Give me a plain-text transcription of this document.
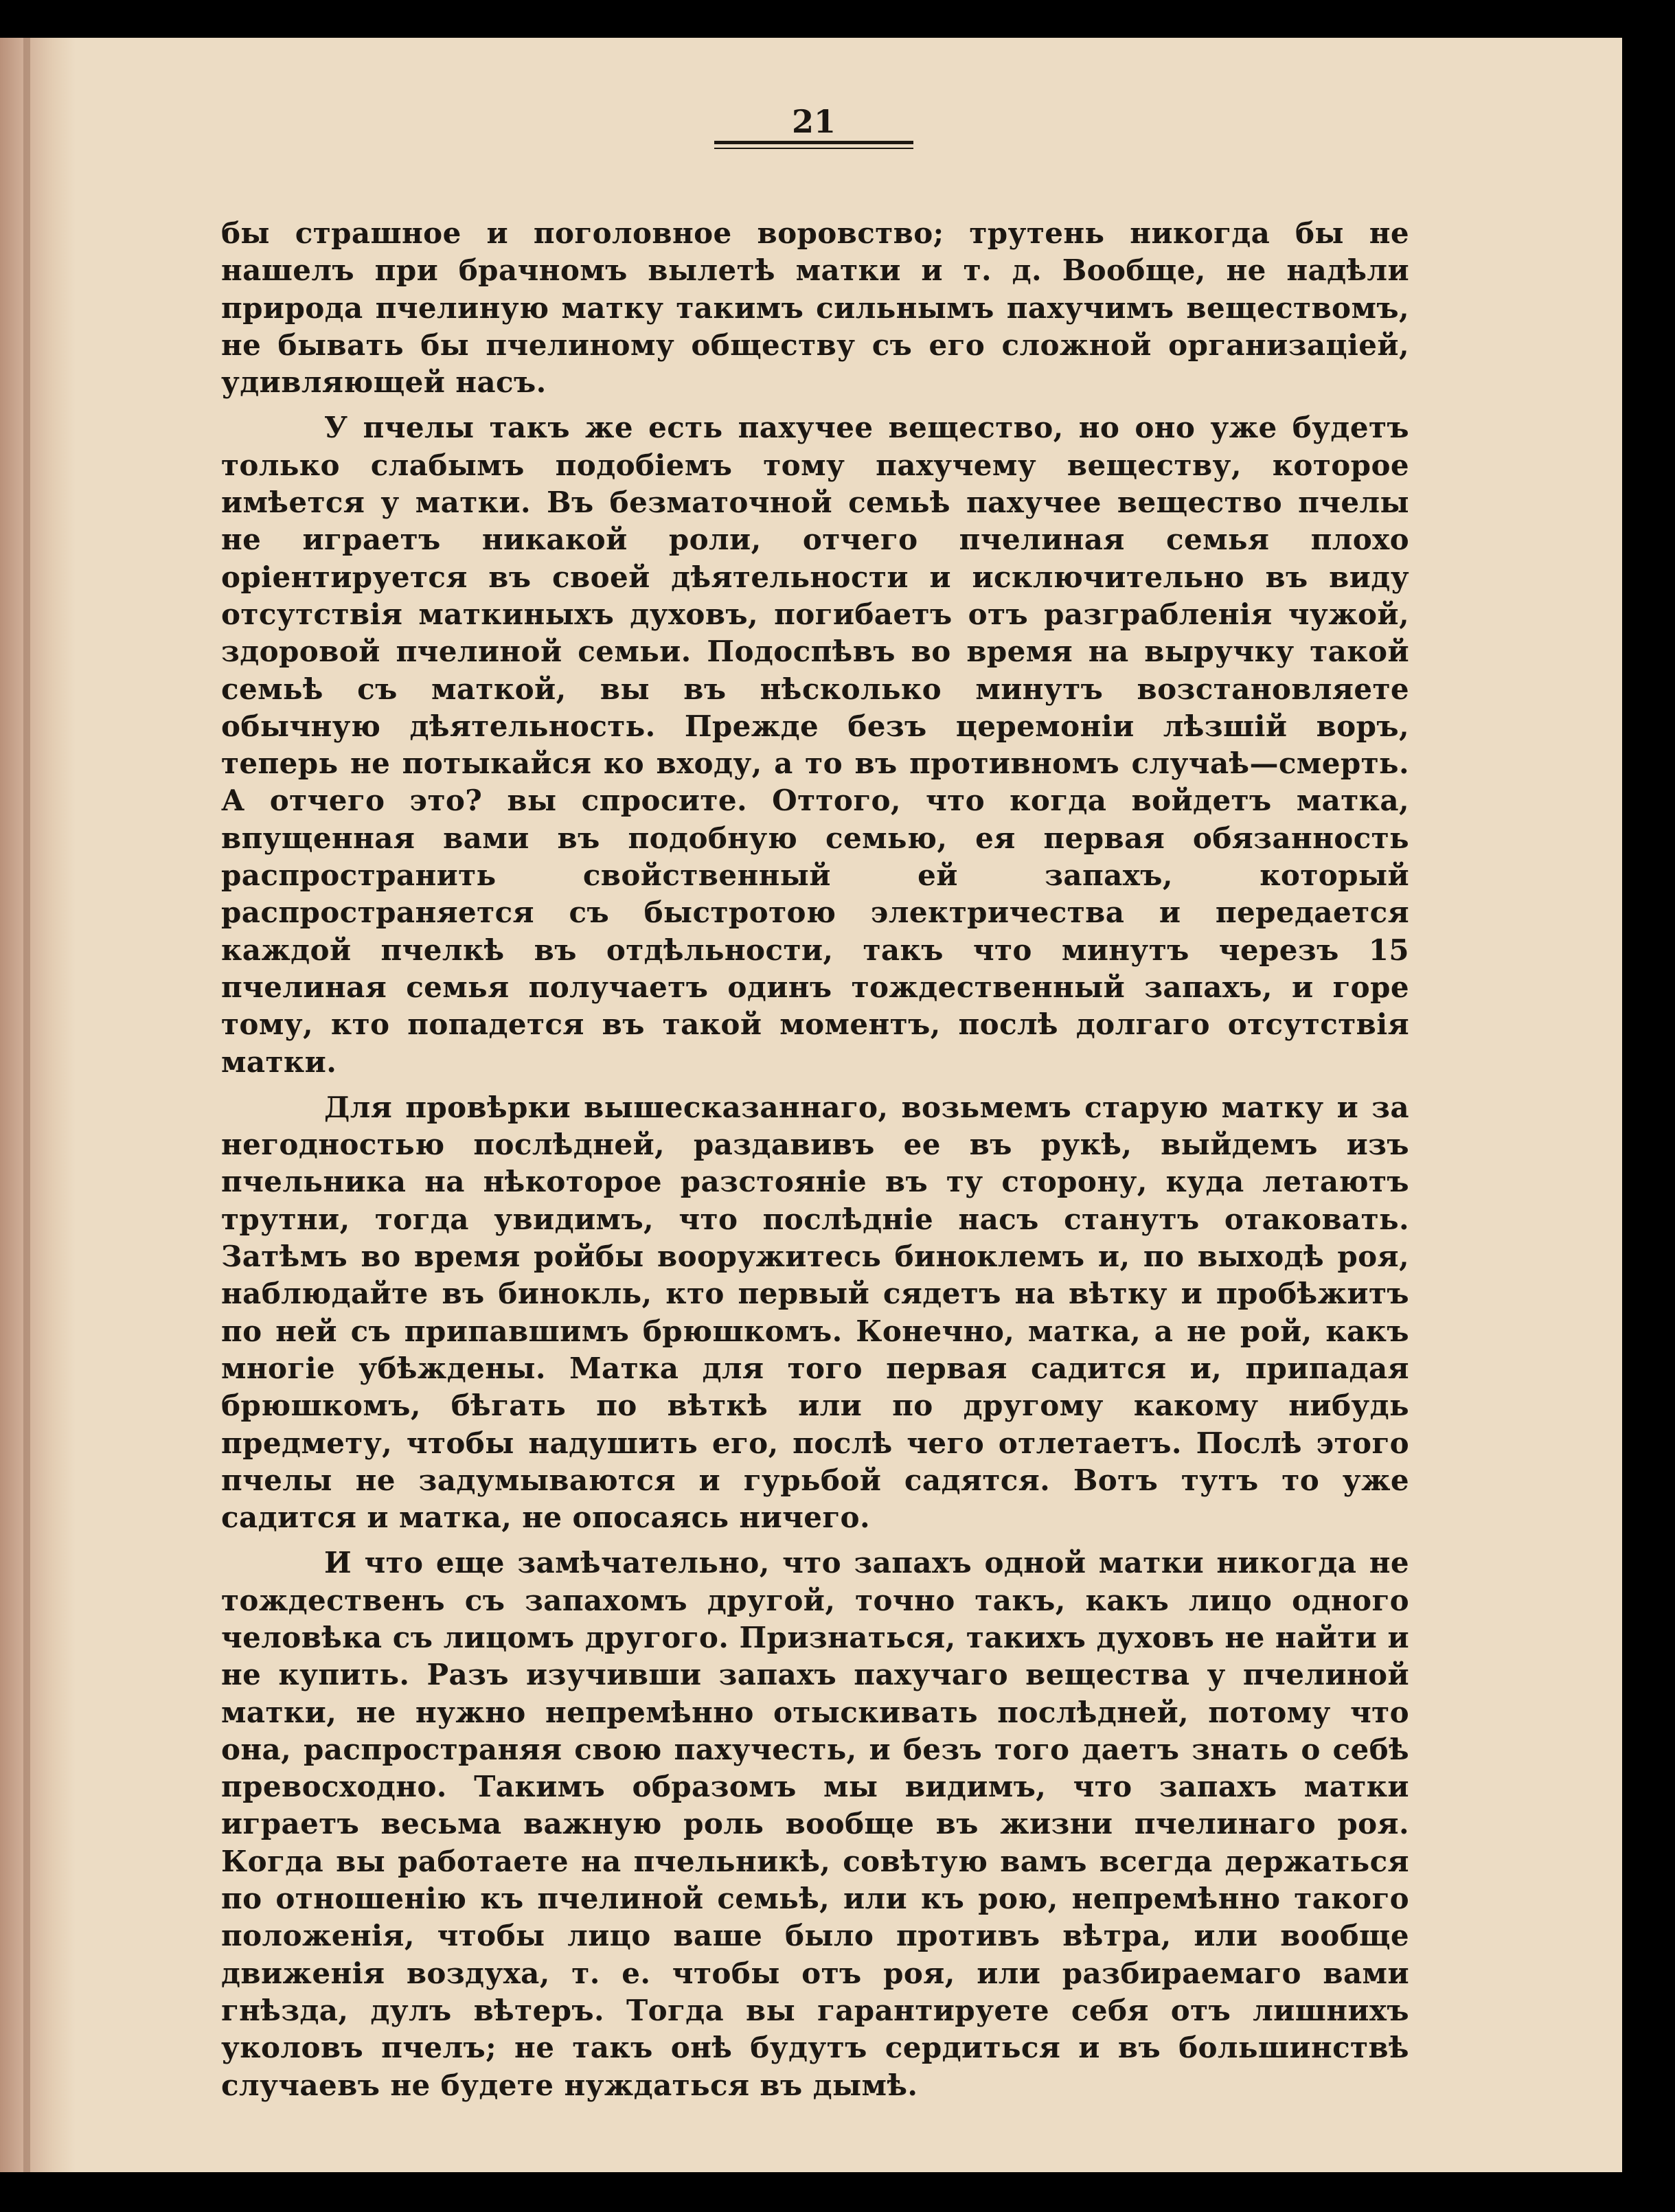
21

бы страшное и поголовное воровство; трутень никогда бы не нашелъ при брачномъ вылетѣ матки и т. д. Вообще, не надѣли природа пчелиную матку такимъ сильнымъ пахучимъ веществомъ, не бывать бы пчелиному обществу съ его сложной организаціей, удивляющей насъ.

У пчелы такъ же есть пахучее вещество, но оно уже будетъ только слабымъ подобіемъ тому пахучему веществу, которое имѣется у матки. Въ безматочной семьѣ пахучее вещество пчелы не играетъ никакой роли, отчего пчелиная семья плохо оріентируется въ своей дѣятельности и исключительно въ виду отсутствія маткиныхъ духовъ, погибаетъ отъ разграбленія чужой, здоровой пчелиной семьи. Подоспѣвъ во время на выручку такой семьѣ съ маткой, вы въ нѣсколько минутъ возстановляете обычную дѣятельность. Прежде безъ церемоніи лѣзшій воръ, теперь не потыкайся ко входу, а то въ противномъ случаѣ—смерть. А отчего это? вы спросите. Оттого, что когда войдетъ матка, впущенная вами въ подобную семью, ея первая обязанность распространить свойственный ей запахъ, который распространяется съ быстротою электричества и передается каждой пчелкѣ въ отдѣльности, такъ что минутъ черезъ 15 пчелиная семья получаетъ одинъ тождественный запахъ, и горе тому, кто попадется въ такой моментъ, послѣ долгаго отсутствія матки.

Для провѣрки вышесказаннаго, возьмемъ старую матку и за негодностью послѣдней, раздавивъ ее въ рукѣ, выйдемъ изъ пчельника на нѣкоторое разстояніе въ ту сторону, куда летаютъ трутни, тогда увидимъ, что послѣдніе насъ станутъ отаковать. Затѣмъ во время ройбы вооружитесь биноклемъ и, по выходѣ роя, наблюдайте въ бинокль, кто первый сядетъ на вѣтку и пробѣжитъ по ней съ припавшимъ брюшкомъ. Конечно, матка, а не рой, какъ многіе убѣждены. Матка для того первая садится и, припадая брюшкомъ, бѣгать по вѣткѣ или по другому какому нибудь предмету, чтобы надушить его, послѣ чего отлетаетъ. Послѣ этого пчелы не задумываются и гурьбой садятся. Вотъ тутъ то уже садится и матка, не опосаясь ничего.

И что еще замѣчательно, что запахъ одной матки никогда не тождественъ съ запахомъ другой, точно такъ, какъ лицо одного человѣка съ лицомъ другого. Признаться, такихъ духовъ не найти и не купить. Разъ изучивши запахъ пахучаго вещества у пчелиной матки, не нужно непремѣнно отыскивать послѣдней, потому что она, распространяя свою пахучесть, и безъ того даетъ знать о себѣ превосходно. Такимъ образомъ мы видимъ, что запахъ матки играетъ весьма важную роль вообще въ жизни пчелинаго роя. Когда вы работаете на пчельникѣ, совѣтую вамъ всегда держаться по отношенію къ пчелиной семьѣ, или къ рою, непремѣнно такого положенія, чтобы лицо ваше было противъ вѣтра, или вообще движенія воздуха, т. е. чтобы отъ роя, или разбираемаго вами гнѣзда, дулъ вѣтеръ. Тогда вы гарантируете себя отъ лишнихъ уколовъ пчелъ; не такъ онѣ будутъ сердиться и въ большинствѣ случаевъ не будете нуждаться въ дымѣ.
